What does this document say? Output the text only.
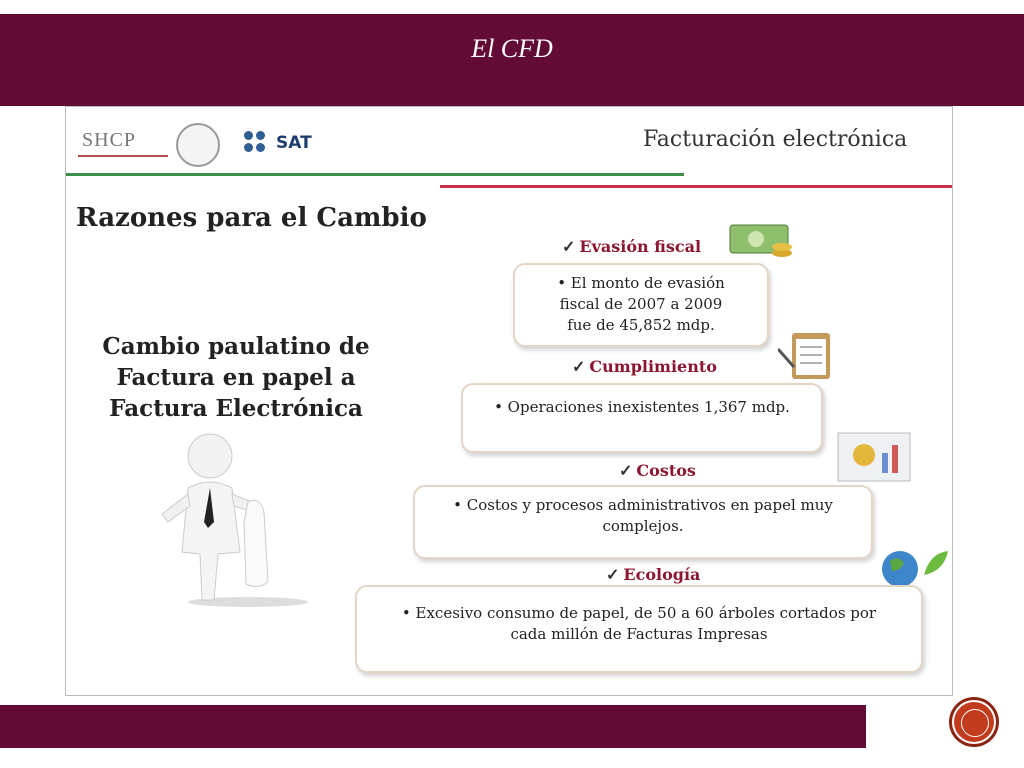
El CFD
SHCP	SAT	Facturación electrónica
Razones para el Cambio
Cambio paulatino de
Factura en papel a
Factura Electrónica
✓ Evasión fiscal
• El monto de evasión
fiscal de 2007 a 2009
fue de 45,852 mdp.
✓ Cumplimiento
• Operaciones inexistentes 1,367 mdp.
✓ Costos
• Costos y procesos administrativos en papel muy
complejos.
✓ Ecología
• Excesivo consumo de papel, de 50 a 60 árboles cortados por
cada millón de Facturas Impresas
